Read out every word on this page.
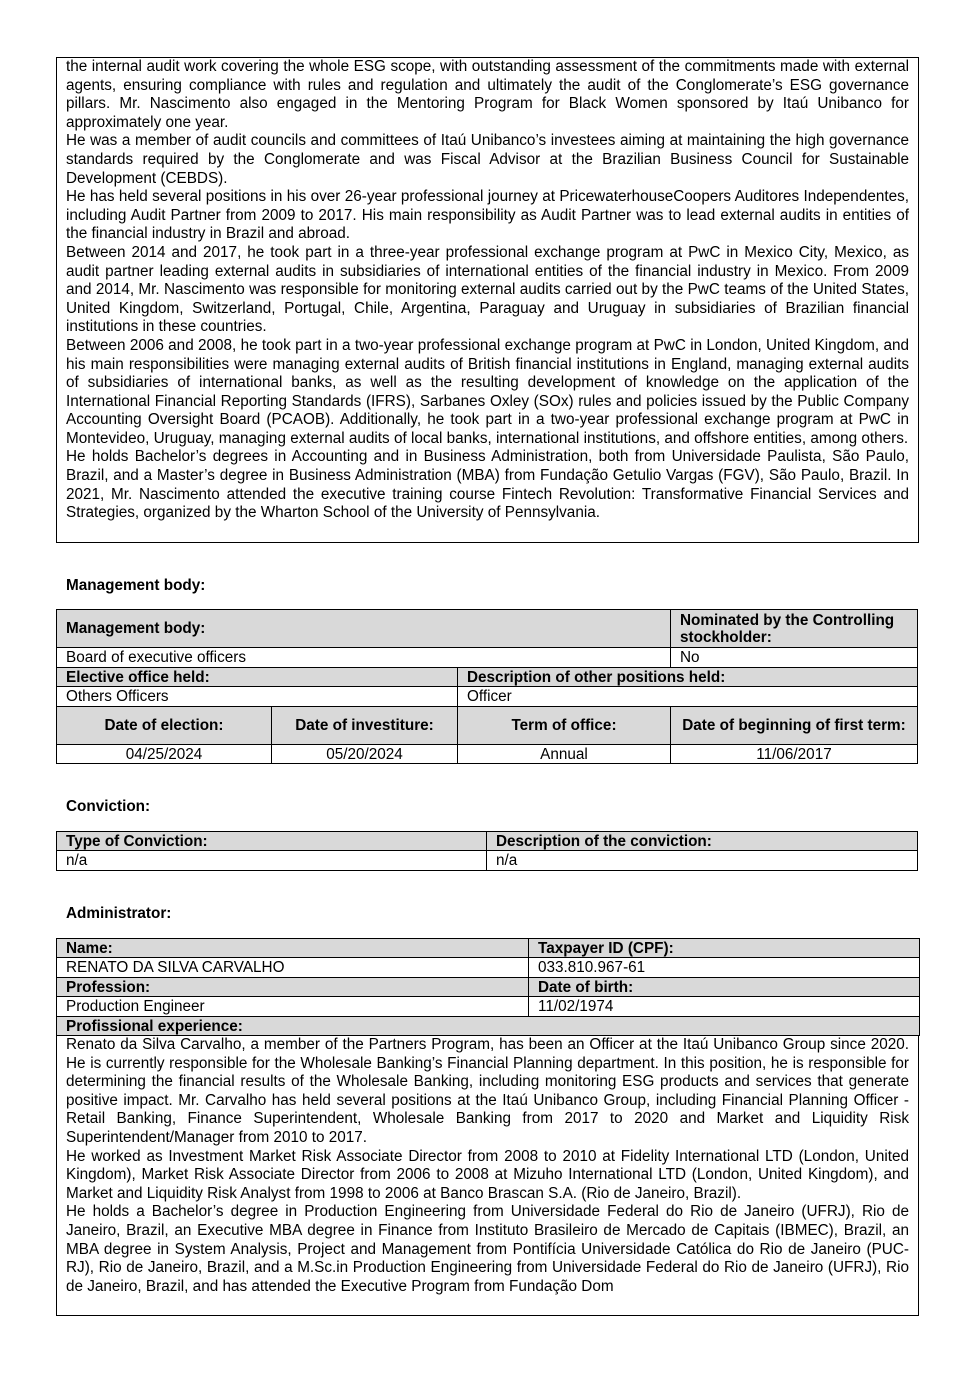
the internal audit work covering the whole ESG scope, with outstanding assessment of the commitments made with external agents, ensuring compliance with rules and regulation and ultimately the audit of the Conglomerate’s ESG governance pillars. Mr. Nascimento also engaged in the Mentoring Program for Black Women sponsored by Itaú Unibanco for approximately one year.

He was a member of audit councils and committees of Itaú Unibanco’s investees aiming at maintaining the high governance standards required by the Conglomerate and was Fiscal Advisor at the Brazilian Business Council for Sustainable Development (CEBDS).

He has held several positions in his over 26-year professional journey at PricewaterhouseCoopers Auditores Independentes, including Audit Partner from 2009 to 2017. His main responsibility as Audit Partner was to lead external audits in entities of the financial industry in Brazil and abroad.

Between 2014 and 2017, he took part in a three-year professional exchange program at PwC in Mexico City, Mexico, as audit partner leading external audits in subsidiaries of international entities of the financial industry in Mexico. From 2009 and 2014, Mr. Nascimento was responsible for monitoring external audits carried out by the PwC teams of the United States, United Kingdom, Switzerland, Portugal, Chile, Argentina, Paraguay and Uruguay in subsidiaries of Brazilian financial institutions in these countries.

Between 2006 and 2008, he took part in a two-year professional exchange program at PwC in London, United Kingdom, and his main responsibilities were managing external audits of British financial institutions in England, managing external audits of subsidiaries of international banks, as well as the resulting development of knowledge on the application of the International Financial Reporting Standards (IFRS), Sarbanes Oxley (SOx) rules and policies issued by the Public Company Accounting Oversight Board (PCAOB). Additionally, he took part in a two-year professional exchange program at PwC in Montevideo, Uruguay, managing external audits of local banks, international institutions, and offshore entities, among others.

He holds Bachelor’s degrees in Accounting and in Business Administration, both from Universidade Paulista, São Paulo, Brazil, and a Master’s degree in Business Administration (MBA) from Fundação Getulio Vargas (FGV), São Paulo, Brazil. In 2021, Mr. Nascimento attended the executive training course Fintech Revolution: Transformative Financial Services and Strategies, organized by the Wharton School of the University of Pennsylvania.

Management body:
Management body:			Nominated by the Controlling stockholder:
Board of executive officers			No
Elective office held:		Description of other positions held:	
Others Officers		Officer	
Date of election:	Date of investiture:	Term of office:	Date of beginning of first term:
04/25/2024	05/20/2024	Annual	11/06/2017
Conviction:
Type of Conviction:	Description of the conviction:
n/a	n/a
Administrator:
Name:	Taxpayer ID (CPF):
RENATO DA SILVA CARVALHO	033.810.967-61
Profession:	Date of birth:
Production Engineer	11/02/1974
Profissional experience:	

Renato da Silva Carvalho, a member of the Partners Program, has been an Officer at the Itaú Unibanco Group since 2020. He is currently responsible for the Wholesale Banking’s Financial Planning department. In this position, he is responsible for determining the financial results of the Wholesale Banking, including monitoring ESG products and services that generate positive impact. Mr. Carvalho has held several positions at the Itaú Unibanco Group, including Financial Planning Officer - Retail Banking, Finance Superintendent, Wholesale Banking from 2017 to 2020 and Market and Liquidity Risk Superintendent/Manager from 2010 to 2017.

He worked as Investment Market Risk Associate Director from 2008 to 2010 at Fidelity International LTD (London, United Kingdom), Market Risk Associate Director from 2006 to 2008 at Mizuho International LTD (London, United Kingdom), and Market and Liquidity Risk Analyst from 1998 to 2006 at Banco Brascan S.A. (Rio de Janeiro, Brazil).

He holds a Bachelor’s degree in Production Engineering from Universidade Federal do Rio de Janeiro (UFRJ), Rio de Janeiro, Brazil, an Executive MBA degree in Finance from Instituto Brasileiro de Mercado de Capitais (IBMEC), Brazil, an MBA degree in System Analysis, Project and Management from Pontifícia Universidade Católica do Rio de Janeiro (PUC-RJ), Rio de Janeiro, Brazil, and a M.Sc.in Production Engineering from Universidade Federal do Rio de Janeiro (UFRJ), Rio de Janeiro, Brazil, and has attended the Executive Program from Fundação Dom
